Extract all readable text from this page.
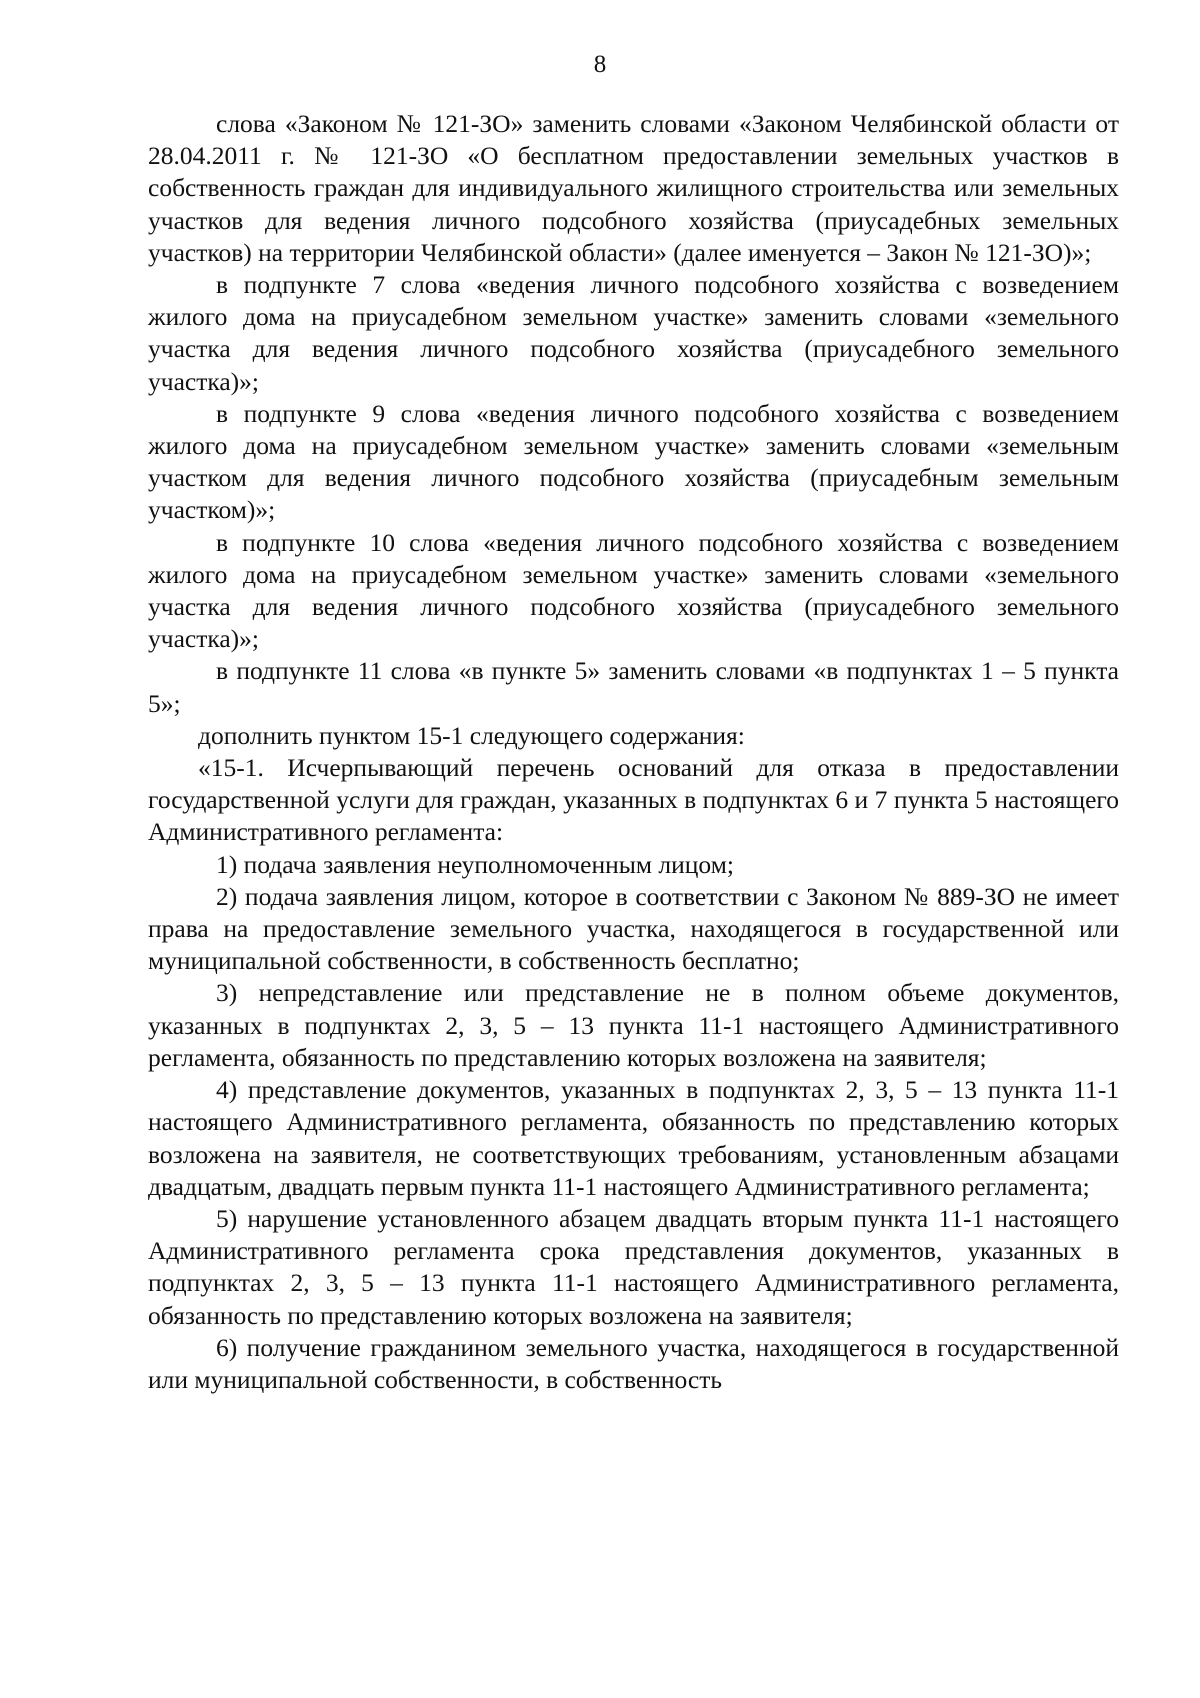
8

слова «Законом № 121-ЗО» заменить словами «Законом Челябинской области от 28.04.2011 г. № 121-ЗО «О бесплатном предоставлении земельных участков в собственность граждан для индивидуального жилищного строительства или земельных участков для ведения личного подсобного хозяйства (приусадебных земельных участков) на территории Челябинской области» (далее именуется – Закон № 121-ЗО)»;

в подпункте 7 слова «ведения личного подсобного хозяйства с возведением жилого дома на приусадебном земельном участке» заменить словами «земельного участка для ведения личного подсобного хозяйства (приусадебного земельного участка)»;

в подпункте 9 слова «ведения личного подсобного хозяйства с возведением жилого дома на приусадебном земельном участке» заменить словами «земельным участком для ведения личного подсобного хозяйства (приусадебным земельным участком)»;

в подпункте 10 слова «ведения личного подсобного хозяйства с возведением жилого дома на приусадебном земельном участке» заменить словами «земельного участка для ведения личного подсобного хозяйства (приусадебного земельного участка)»;

в подпункте 11 слова «в пункте 5» заменить словами «в подпунктах 1 – 5 пункта 5»;

дополнить пунктом 15-1 следующего содержания:

«15-1. Исчерпывающий перечень оснований для отказа в предоставлении государственной услуги для граждан, указанных в подпунктах 6 и 7 пункта 5 настоящего Административного регламента:

1) подача заявления неуполномоченным лицом;

2) подача заявления лицом, которое в соответствии с Законом № 889-ЗО не имеет права на предоставление земельного участка, находящегося в государственной или муниципальной собственности, в собственность бесплатно;

3) непредставление или представление не в полном объеме документов, указанных в подпунктах 2, 3, 5 – 13 пункта 11-1 настоящего Административного регламента, обязанность по представлению которых возложена на заявителя;

4) представление документов, указанных в подпунктах 2, 3, 5 – 13 пункта 11-1 настоящего Административного регламента, обязанность по представлению которых возложена на заявителя, не соответствующих требованиям, установленным абзацами двадцатым, двадцать первым пункта 11-1 настоящего Административного регламента;

5) нарушение установленного абзацем двадцать вторым пункта 11-1 настоящего Административного регламента срока представления документов, указанных в подпунктах 2, 3, 5 – 13 пункта 11-1 настоящего Административного регламента, обязанность по представлению которых возложена на заявителя;

6) получение гражданином земельного участка, находящегося в государственной или муниципальной собственности, в собственность
